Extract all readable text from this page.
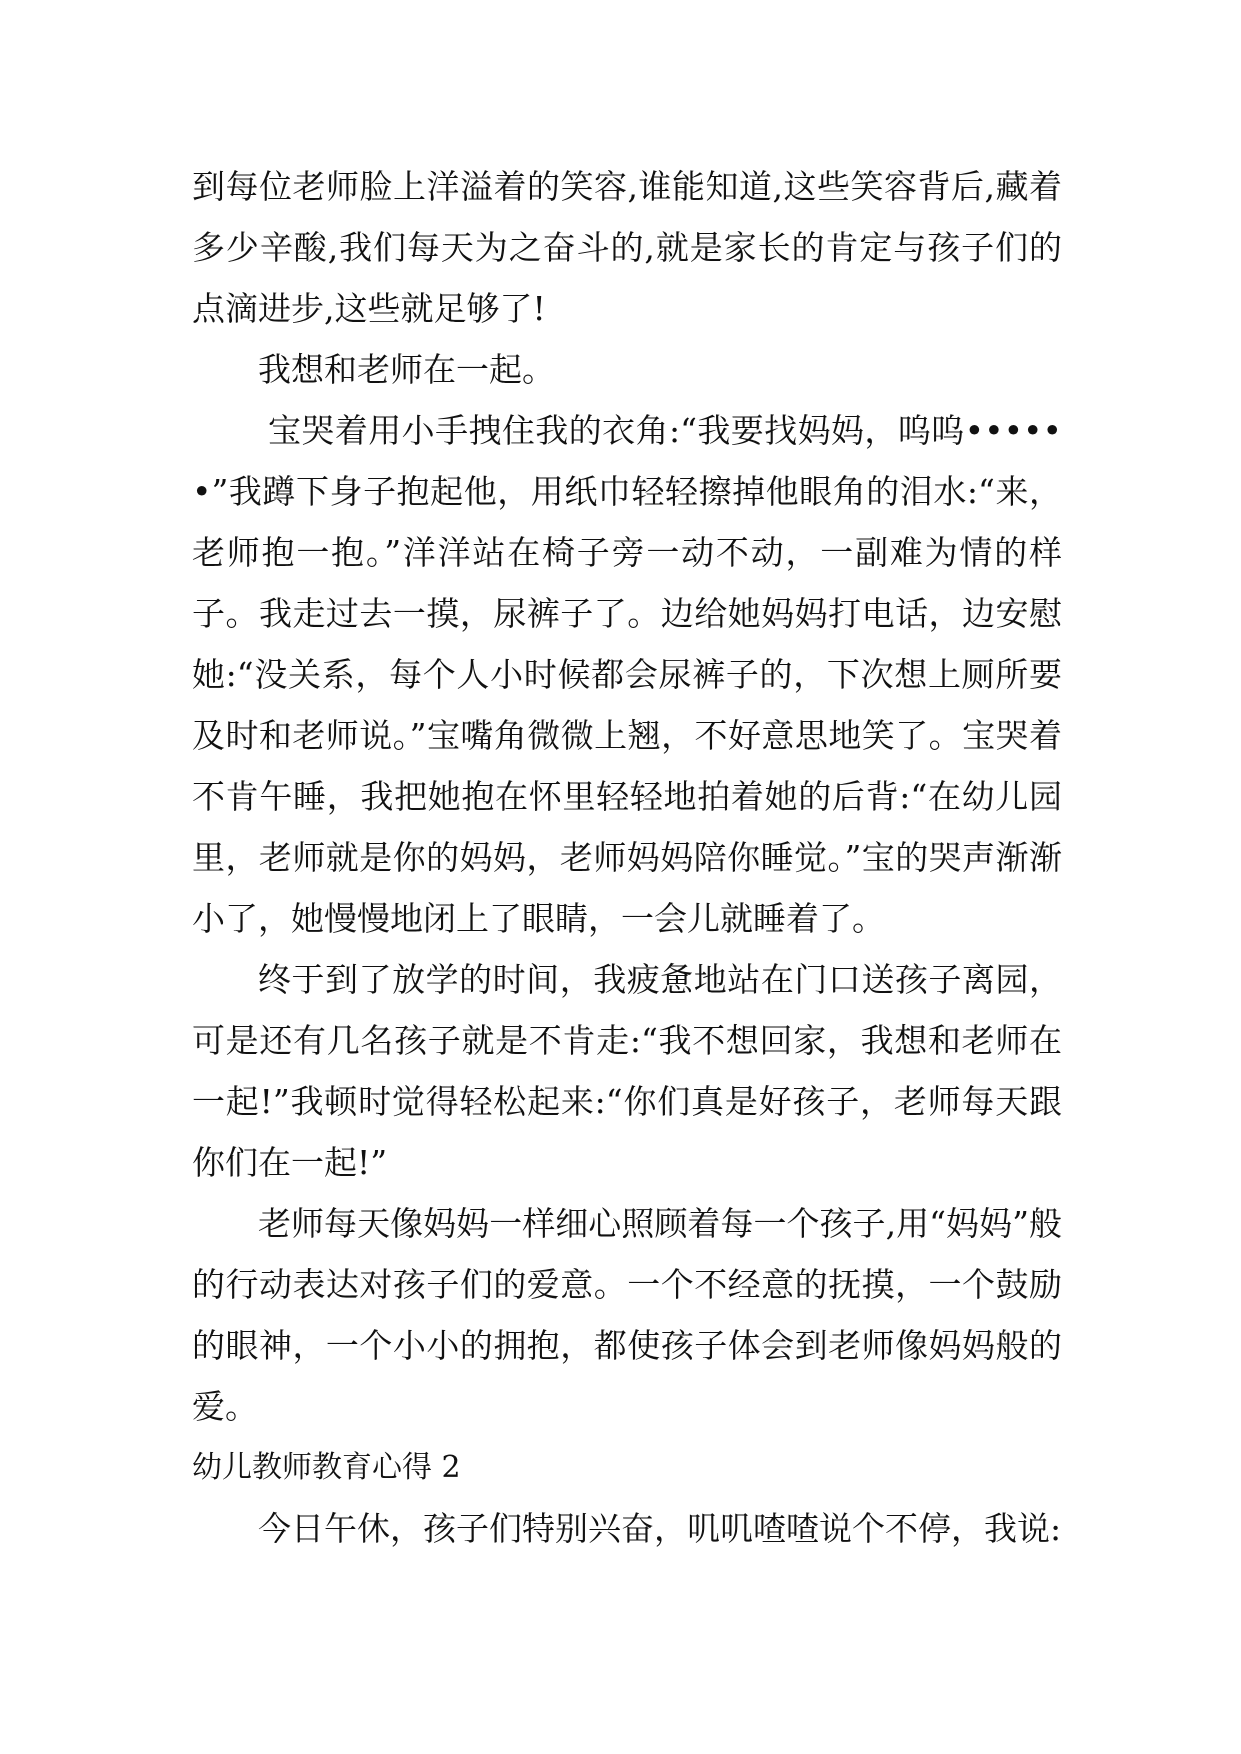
到每位老师脸上洋溢着的笑容,谁能知道,这些笑容背后,藏着多少辛酸,我们每天为之奋斗的,就是家长的肯定与孩子们的点滴进步,这些就足够了!

我想和老师在一起。

宝哭着用小手拽住我的衣角:“我要找妈妈，呜呜••••••”我蹲下身子抱起他，用纸巾轻轻擦掉他眼角的泪水:“来，老师抱一抱。”洋洋站在椅子旁一动不动，一副难为情的样子。我走过去一摸，尿裤子了。边给她妈妈打电话，边安慰她:“没关系，每个人小时候都会尿裤子的，下次想上厕所要及时和老师说。”宝嘴角微微上翘，不好意思地笑了。宝哭着不肯午睡，我把她抱在怀里轻轻地拍着她的后背:“在幼儿园里，老师就是你的妈妈，老师妈妈陪你睡觉。”宝的哭声渐渐小了，她慢慢地闭上了眼睛，一会儿就睡着了。

终于到了放学的时间，我疲惫地站在门口送孩子离园，可是还有几名孩子就是不肯走:“我不想回家，我想和老师在一起!”我顿时觉得轻松起来:“你们真是好孩子，老师每天跟你们在一起!”

老师每天像妈妈一样细心照顾着每一个孩子,用“妈妈”般的行动表达对孩子们的爱意。一个不经意的抚摸，一个鼓励的眼神，一个小小的拥抱，都使孩子体会到老师像妈妈般的爱。

幼儿教师教育心得 2

今日午休，孩子们特别兴奋，叽叽喳喳说个不停，我说:
